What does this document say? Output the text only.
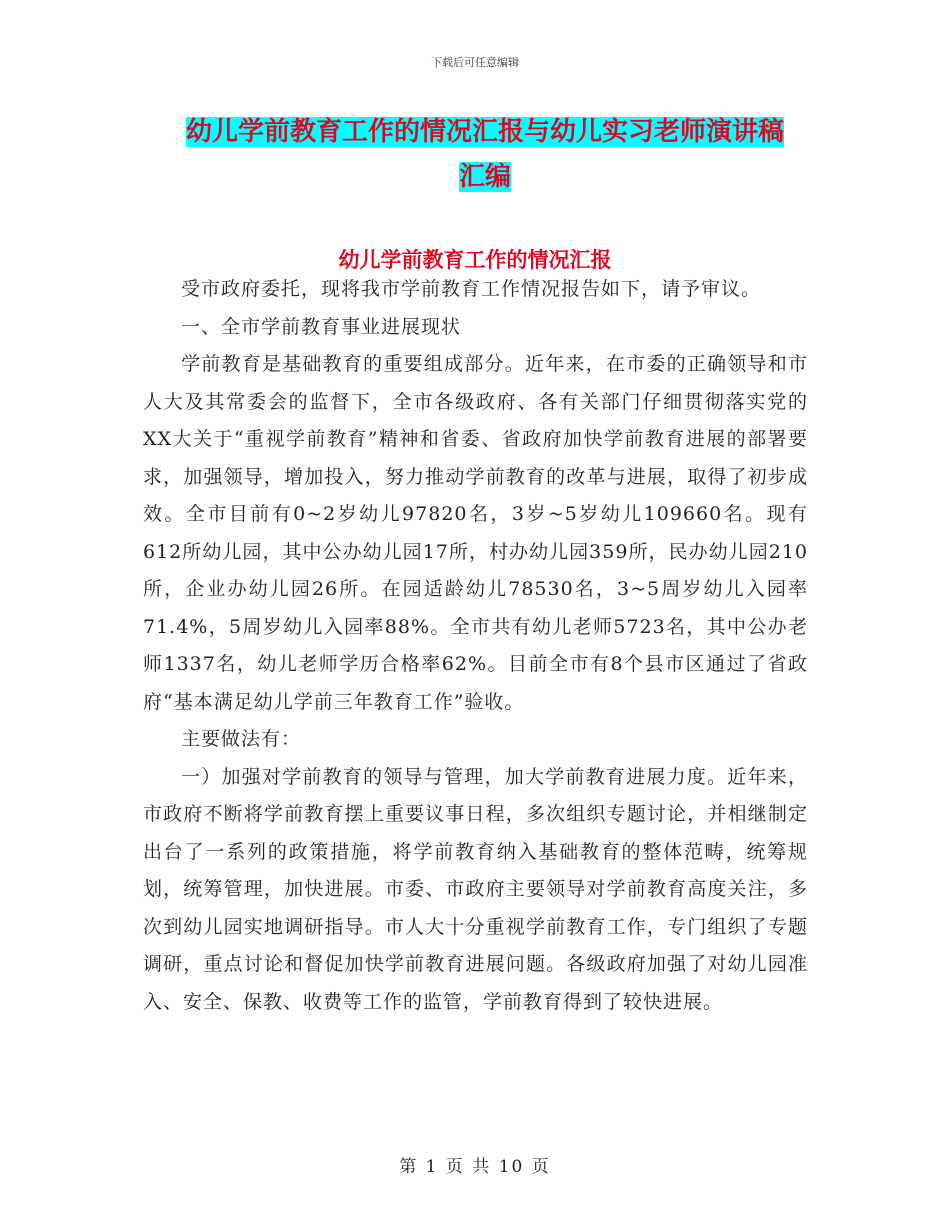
下载后可任意编辑
幼儿学前教育工作的情况汇报与幼儿实习老师演讲稿
汇编
幼儿学前教育工作的情况汇报

受市政府委托，现将我市学前教育工作情况报告如下，请予审议。

一、全市学前教育事业进展现状

学前教育是基础教育的重要组成部分。近年来，在市委的正确领导和市人大及其常委会的监督下，全市各级政府、各有关部门仔细贯彻落实党的XX大关于“重视学前教育”精神和省委、省政府加快学前教育进展的部署要求，加强领导，增加投入，努力推动学前教育的改革与进展，取得了初步成效。全市目前有0~2岁幼儿97820名，3岁~5岁幼儿109660名。现有612所幼儿园，其中公办幼儿园17所，村办幼儿园359所，民办幼儿园210所，企业办幼儿园26所。在园适龄幼儿78530名，3~5周岁幼儿入园率71.4%，5周岁幼儿入园率88%。全市共有幼儿老师5723名，其中公办老师1337名，幼儿老师学历合格率62%。目前全市有8个县市区通过了省政府“基本满足幼儿学前三年教育工作”验收。

主要做法有：

一）加强对学前教育的领导与管理，加大学前教育进展力度。近年来，市政府不断将学前教育摆上重要议事日程，多次组织专题讨论，并相继制定出台了一系列的政策措施，将学前教育纳入基础教育的整体范畴，统筹规划，统筹管理，加快进展。市委、市政府主要领导对学前教育高度关注，多次到幼儿园实地调研指导。市人大十分重视学前教育工作，专门组织了专题调研，重点讨论和督促加快学前教育进展问题。各级政府加强了对幼儿园准入、安全、保教、收费等工作的监管，学前教育得到了较快进展。

第 1 页 共 10 页
